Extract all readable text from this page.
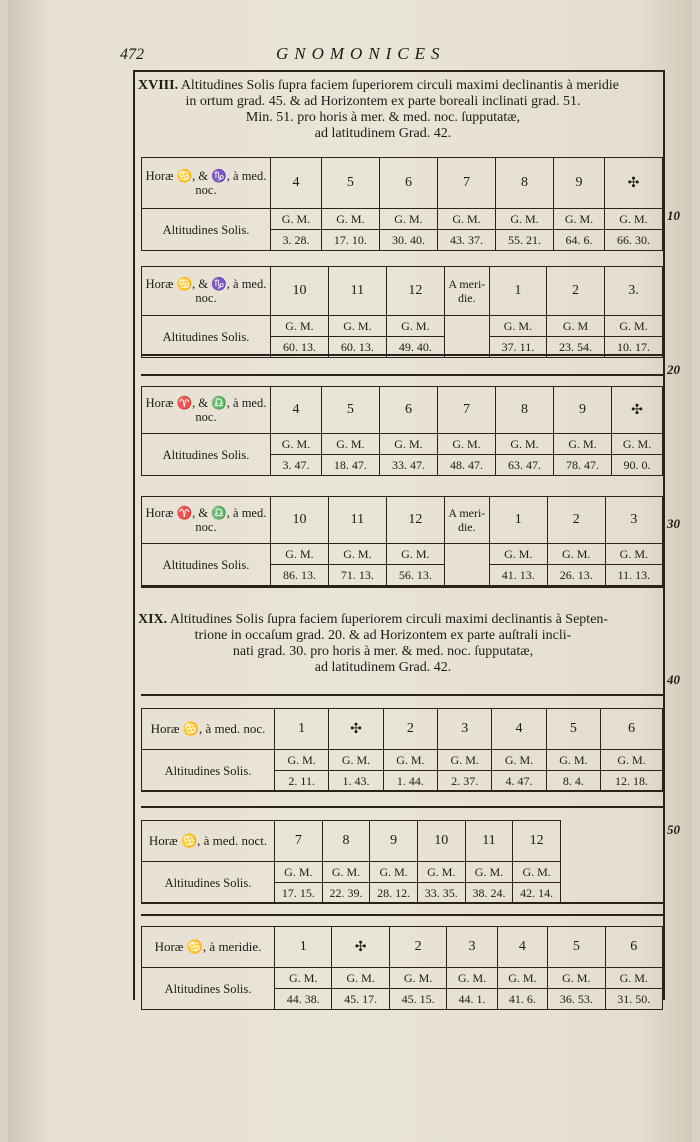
472	GNOMONICES
10
20
30
40
50
XVIII. Altitudines Solis ſupra faciem ſuperiorem circuli maximi declinantis à meridie
in ortum grad. 45. & ad Horizontem ex parte boreali inclinati grad. 51.
Min. 51. pro horis à mer. & med. noc. ſupputatæ,
ad latitudinem Grad. 42.
Horæ ♋, & ♑, à med. noc.	4	5	6	7	8	9	✣
Altitudines Solis.	G. M.	G. M.	G. M.	G. M.	G. M.	G. M.	G. M.
	3. 28.	17. 10.	30. 40.	43. 37.	55. 21.	64. 6.	66. 30.
Horæ ♋, & ♑, à med. noc.	10	11	12	A meri- die.	1	2	3.
Altitudines Solis.	G. M.	G. M.	G. M.		G. M.	G. M	G. M.
	60. 13.	60. 13.	49. 40.		37. 11.	23. 54.	10. 17.
Horæ ♈, & ♎, à med. noc.	4	5	6	7	8	9	✣
Altitudines Solis.	G. M.	G. M.	G. M.	G. M.	G. M.	G. M.	G. M.
	3. 47.	18. 47.	33. 47.	48. 47.	63. 47.	78. 47.	90. 0.
Horæ ♈, & ♎, à med. noc.	10	11	12	A meri- die.	1	2	3
Altitudines Solis.	G. M.	G. M.	G. M.		G. M.	G. M.	G. M.
	86. 13.	71. 13.	56. 13.		41. 13.	26. 13.	11. 13.
XIX. Altitudines Solis ſupra faciem ſuperiorem circuli maximi declinantis à Septen-
trione in occaſum grad. 20. & ad Horizontem ex parte auſtrali incli-
nati grad. 30. pro horis à mer. & med. noc. ſupputatæ,
ad latitudinem Grad. 42.
Horæ ♋, à med. noc.	1	✣	2	3	4	5	6
Altitudines Solis.	G. M.	G. M.	G. M.	G. M.	G. M.	G. M.	G. M.
	2. 11.	1. 43.	1. 44.	2. 37.	4. 47.	8. 4.	12. 18.
Horæ ♋, à med. noct.	7	8	9	10	11	12
Altitudines Solis.	G. M.	G. M.	G. M.	G. M.	G. M.	G. M.
	17. 15.	22. 39.	28. 12.	33. 35.	38. 24.	42. 14.
Horæ ♋, à meridie.	1	✣	2	3	4	5	6
Altitudines Solis.	G. M.	G. M.	G. M.	G. M.	G. M.	G. M.	G. M.
	44. 38.	45. 17.	45. 15.	44. 1.	41. 6.	36. 53.	31. 50.
